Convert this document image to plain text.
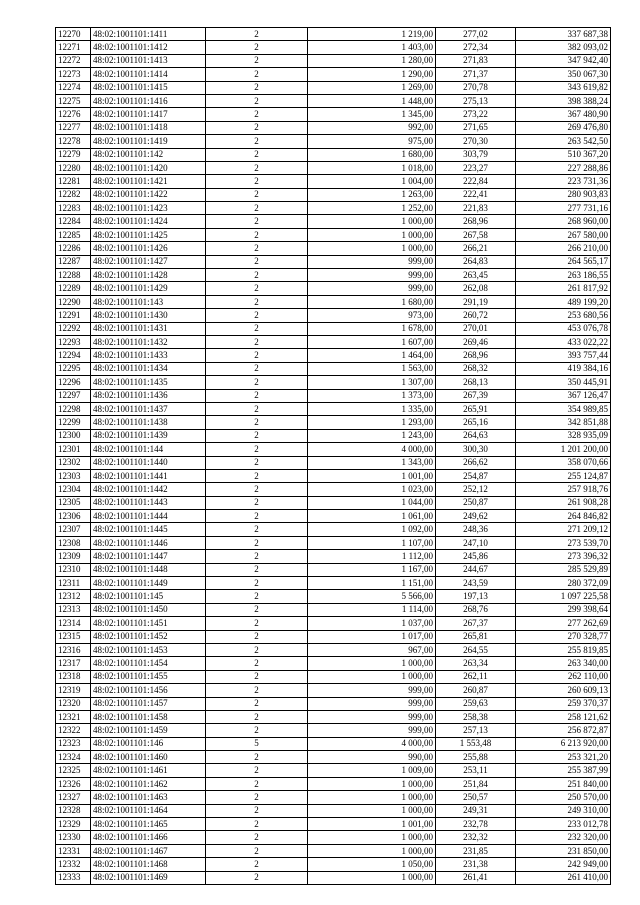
12270	48:02:1001101:1411	2	1 219,00	277,02	337 687,38
12271	48:02:1001101:1412	2	1 403,00	272,34	382 093,02
12272	48:02:1001101:1413	2	1 280,00	271,83	347 942,40
12273	48:02:1001101:1414	2	1 290,00	271,37	350 067,30
12274	48:02:1001101:1415	2	1 269,00	270,78	343 619,82
12275	48:02:1001101:1416	2	1 448,00	275,13	398 388,24
12276	48:02:1001101:1417	2	1 345,00	273,22	367 480,90
12277	48:02:1001101:1418	2	992,00	271,65	269 476,80
12278	48:02:1001101:1419	2	975,00	270,30	263 542,50
12279	48:02:1001101:142	2	1 680,00	303,79	510 367,20
12280	48:02:1001101:1420	2	1 018,00	223,27	227 288,86
12281	48:02:1001101:1421	2	1 004,00	222,84	223 731,36
12282	48:02:1001101:1422	2	1 263,00	222,41	280 903,83
12283	48:02:1001101:1423	2	1 252,00	221,83	277 731,16
12284	48:02:1001101:1424	2	1 000,00	268,96	268 960,00
12285	48:02:1001101:1425	2	1 000,00	267,58	267 580,00
12286	48:02:1001101:1426	2	1 000,00	266,21	266 210,00
12287	48:02:1001101:1427	2	999,00	264,83	264 565,17
12288	48:02:1001101:1428	2	999,00	263,45	263 186,55
12289	48:02:1001101:1429	2	999,00	262,08	261 817,92
12290	48:02:1001101:143	2	1 680,00	291,19	489 199,20
12291	48:02:1001101:1430	2	973,00	260,72	253 680,56
12292	48:02:1001101:1431	2	1 678,00	270,01	453 076,78
12293	48:02:1001101:1432	2	1 607,00	269,46	433 022,22
12294	48:02:1001101:1433	2	1 464,00	268,96	393 757,44
12295	48:02:1001101:1434	2	1 563,00	268,32	419 384,16
12296	48:02:1001101:1435	2	1 307,00	268,13	350 445,91
12297	48:02:1001101:1436	2	1 373,00	267,39	367 126,47
12298	48:02:1001101:1437	2	1 335,00	265,91	354 989,85
12299	48:02:1001101:1438	2	1 293,00	265,16	342 851,88
12300	48:02:1001101:1439	2	1 243,00	264,63	328 935,09
12301	48:02:1001101:144	2	4 000,00	300,30	1 201 200,00
12302	48:02:1001101:1440	2	1 343,00	266,62	358 070,66
12303	48:02:1001101:1441	2	1 001,00	254,87	255 124,87
12304	48:02:1001101:1442	2	1 023,00	252,12	257 918,76
12305	48:02:1001101:1443	2	1 044,00	250,87	261 908,28
12306	48:02:1001101:1444	2	1 061,00	249,62	264 846,82
12307	48:02:1001101:1445	2	1 092,00	248,36	271 209,12
12308	48:02:1001101:1446	2	1 107,00	247,10	273 539,70
12309	48:02:1001101:1447	2	1 112,00	245,86	273 396,32
12310	48:02:1001101:1448	2	1 167,00	244,67	285 529,89
12311	48:02:1001101:1449	2	1 151,00	243,59	280 372,09
12312	48:02:1001101:145	2	5 566,00	197,13	1 097 225,58
12313	48:02:1001101:1450	2	1 114,00	268,76	299 398,64
12314	48:02:1001101:1451	2	1 037,00	267,37	277 262,69
12315	48:02:1001101:1452	2	1 017,00	265,81	270 328,77
12316	48:02:1001101:1453	2	967,00	264,55	255 819,85
12317	48:02:1001101:1454	2	1 000,00	263,34	263 340,00
12318	48:02:1001101:1455	2	1 000,00	262,11	262 110,00
12319	48:02:1001101:1456	2	999,00	260,87	260 609,13
12320	48:02:1001101:1457	2	999,00	259,63	259 370,37
12321	48:02:1001101:1458	2	999,00	258,38	258 121,62
12322	48:02:1001101:1459	2	999,00	257,13	256 872,87
12323	48:02:1001101:146	5	4 000,00	1 553,48	6 213 920,00
12324	48:02:1001101:1460	2	990,00	255,88	253 321,20
12325	48:02:1001101:1461	2	1 009,00	253,11	255 387,99
12326	48:02:1001101:1462	2	1 000,00	251,84	251 840,00
12327	48:02:1001101:1463	2	1 000,00	250,57	250 570,00
12328	48:02:1001101:1464	2	1 000,00	249,31	249 310,00
12329	48:02:1001101:1465	2	1 001,00	232,78	233 012,78
12330	48:02:1001101:1466	2	1 000,00	232,32	232 320,00
12331	48:02:1001101:1467	2	1 000,00	231,85	231 850,00
12332	48:02:1001101:1468	2	1 050,00	231,38	242 949,00
12333	48:02:1001101:1469	2	1 000,00	261,41	261 410,00
